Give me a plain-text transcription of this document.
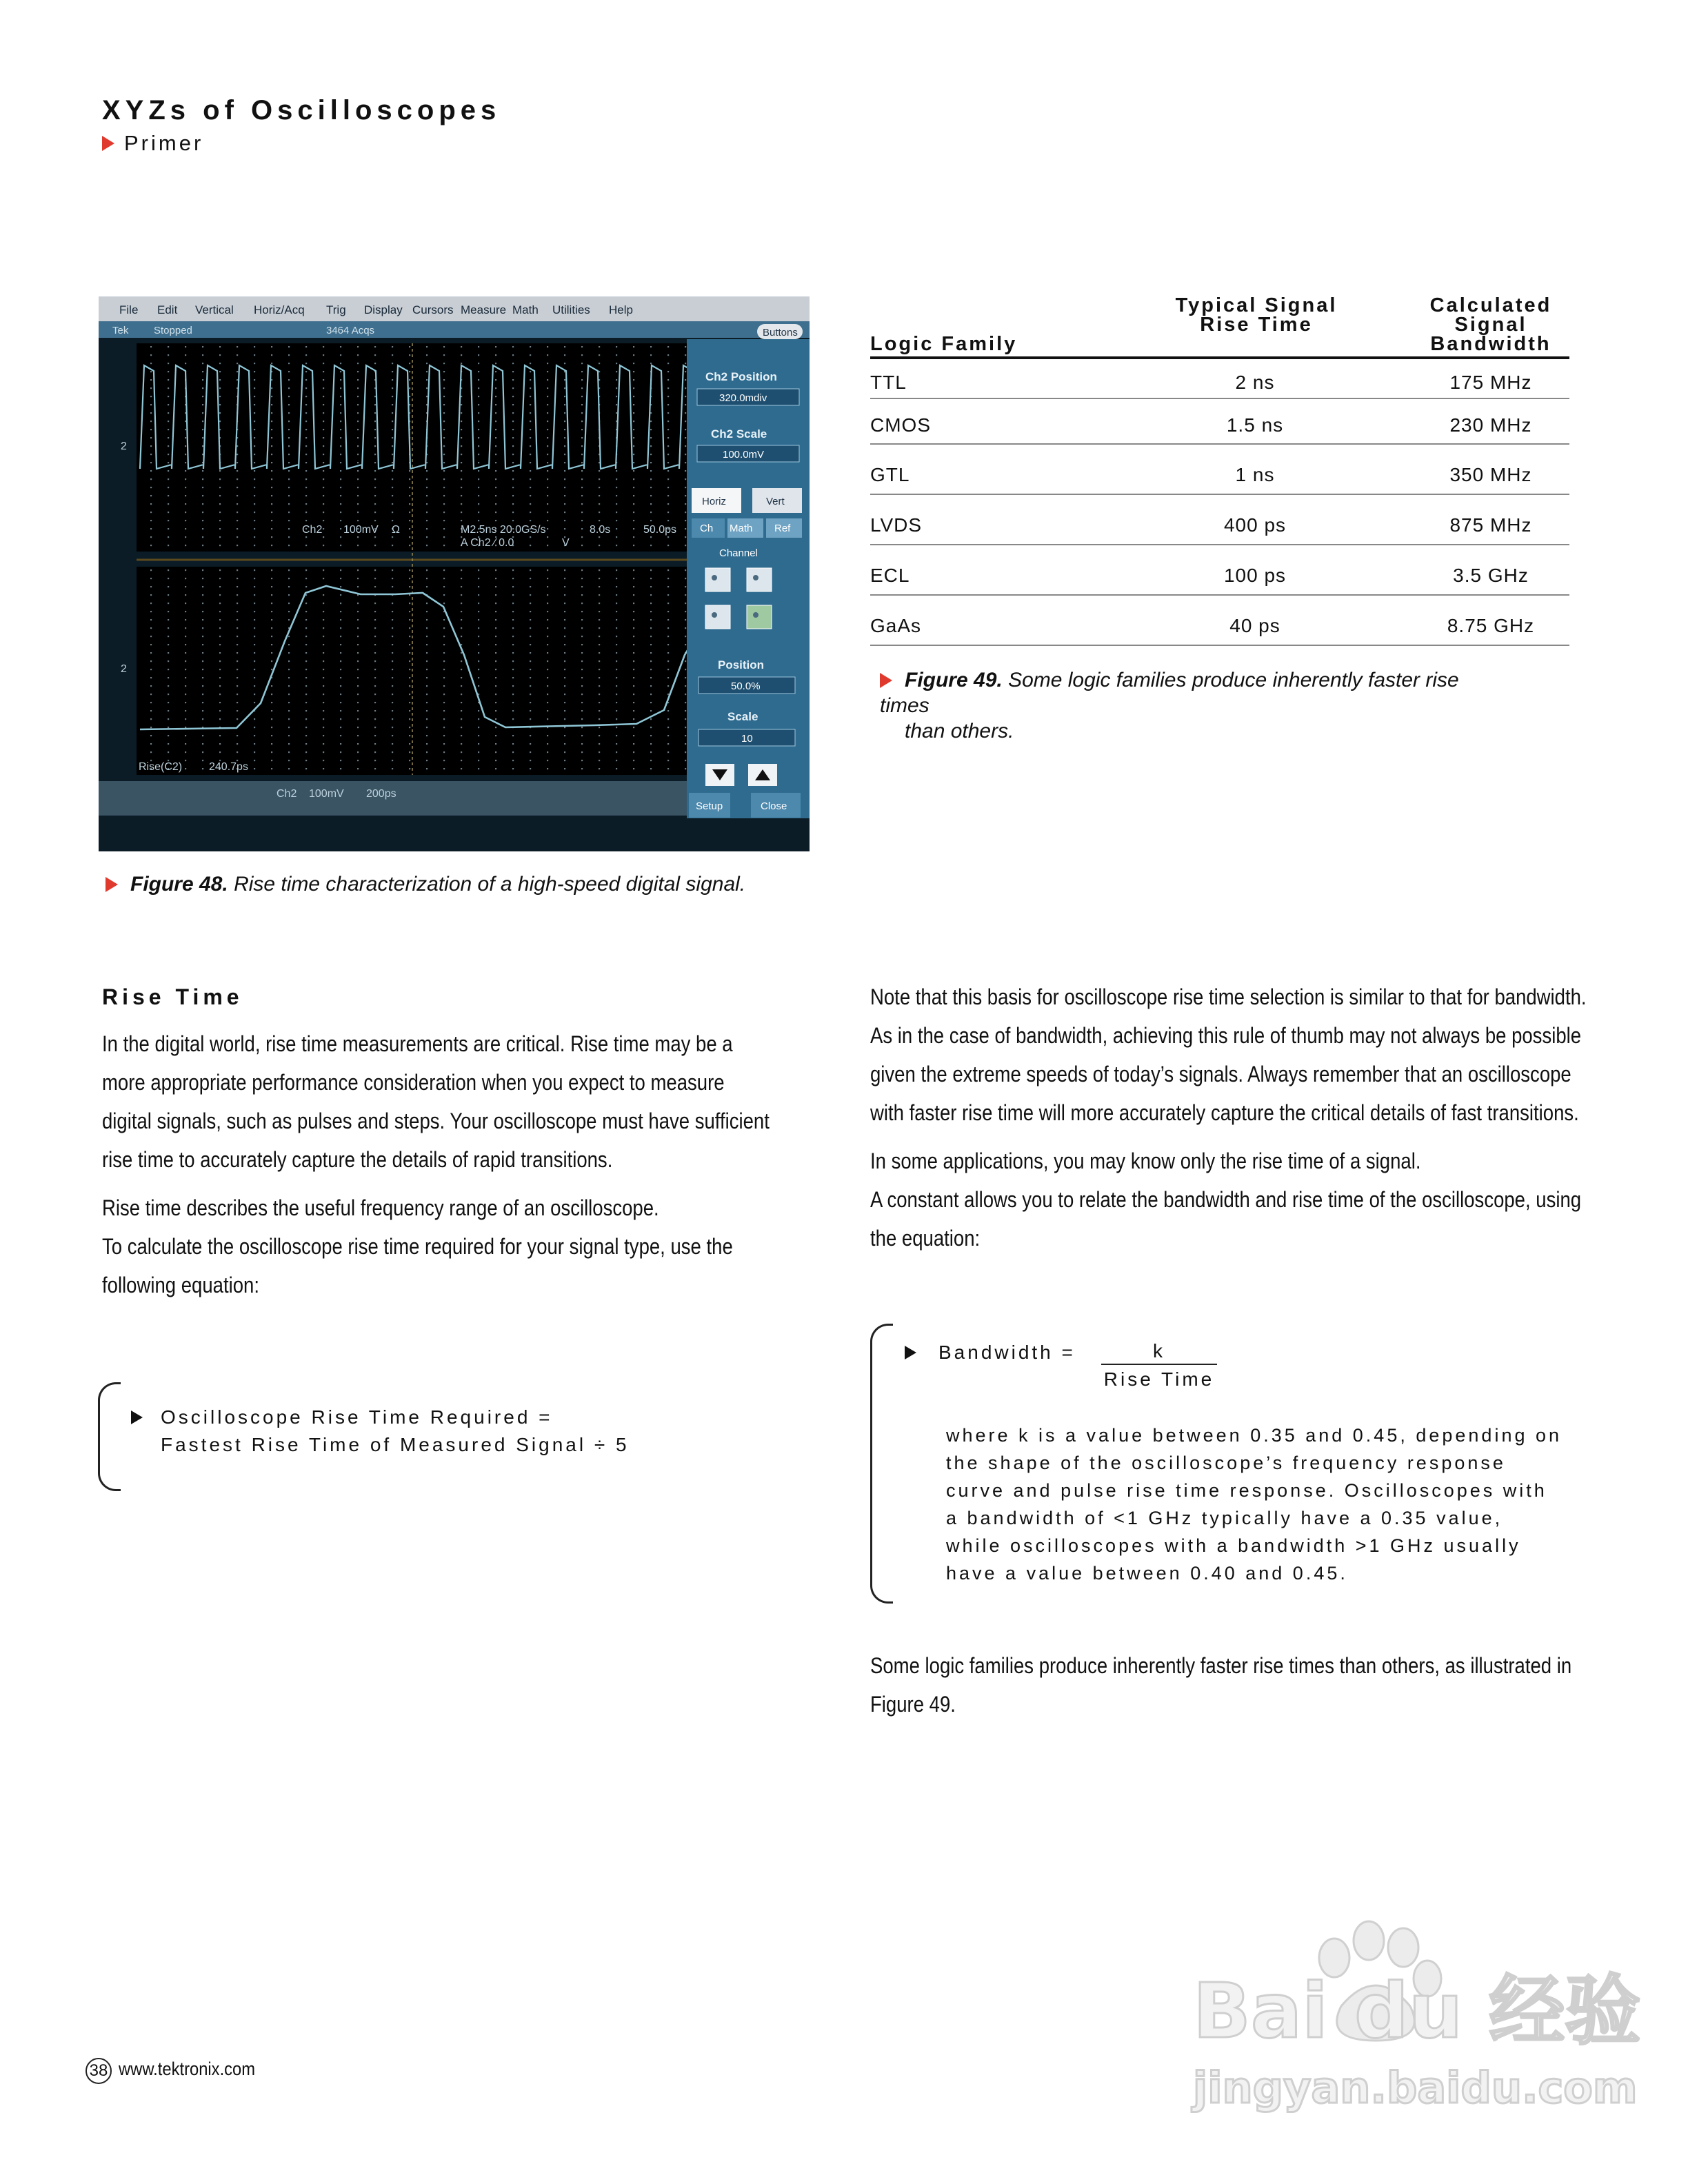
XYZs of Oscilloscopes
Primer
File Edit Vertical Horiz/Acq Trig Display Cursors Measure Math Utilities Help
Tek Stopped	3464 Acqs	Buttons
2
2
Ch2 100mV Ω	M2.5ns 20.0GS/s
A Ch2 ∕ 0.0	V
8.0s	50.0ps
Rise(C2) 240.7ps
Ch2 100mV 200ps
Ch2 Position
320.0mdiv
Ch2 Scale
100.0mV
Horiz	Vert
Ch Math Ref
Channel
Position
50.0%
Scale
10
Setup	Close
Figure 48. Rise time characterization of a high-speed digital signal.
Logic Family
Typical Signal
Rise Time
Calculated
Signal
Bandwidth
TTL	2 ns	175 MHz
CMOS	1.5 ns	230 MHz
GTL	1 ns	350 MHz
LVDS	400 ps	875 MHz
ECL	100 ps	3.5 GHz
GaAs	40 ps	8.75 GHz
Figure 49. Some logic families produce inherently faster rise times
than others.
Rise Time

In the digital world, rise time measurements are critical. Rise time may be a more appropriate performance consideration when you expect to measure digital signals, such as pulses and steps. Your oscilloscope must have sufficient rise time to accurately capture the details of rapid transitions.

Rise time describes the useful frequency range of an oscilloscope.

To calculate the oscilloscope rise time required for your signal type, use the following equation:

Oscilloscope Rise Time Required =
Fastest Rise Time of Measured Signal ÷ 5

Note that this basis for oscilloscope rise time selection is similar to that for bandwidth. As in the case of bandwidth, achieving this rule of thumb may not always be possible given the extreme speeds of today’s signals. Always remember that an oscilloscope with faster rise time will more accurately capture the critical details of fast transitions.

In some applications, you may know only the rise time of a signal.

A constant allows you to relate the bandwidth and rise time of the oscilloscope, using the equation:

Bandwidth =	k
Rise Time
where k is a value between 0.35 and 0.45, depending on the shape of the oscilloscope’s frequency response curve and pulse rise time response. Oscilloscopes with a bandwidth of <1 GHz typically have a 0.35 value, while oscilloscopes with a bandwidth >1 GHz usually have a value between 0.40 and 0.45.
Some logic families produce inherently faster rise times than others, as illustrated in Figure 49.
38 www.tektronix.com
Bai du 经验
jingyan.baidu.com
